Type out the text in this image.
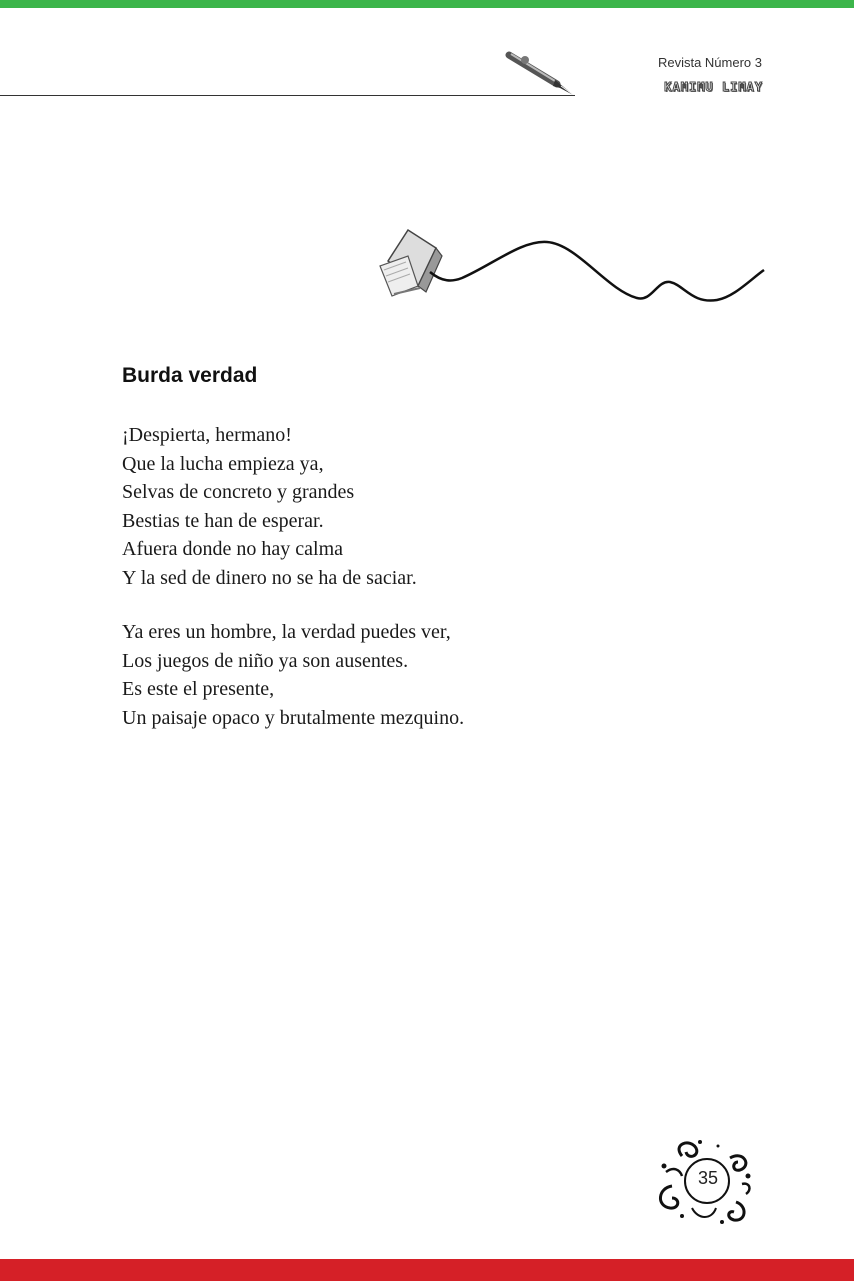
Revista Número 3
KAMIMU LIMAY
Burda verdad
¡Despierta, hermano!
Que la lucha empieza ya,
Selvas de concreto y grandes
Bestias te han de esperar.
Afuera donde no hay calma
Y la sed de dinero no se ha de saciar.
Ya eres un hombre, la verdad puedes ver,
Los juegos de niño ya son ausentes.
Es este el presente,
Un paisaje opaco y brutalmente mezquino.
35
